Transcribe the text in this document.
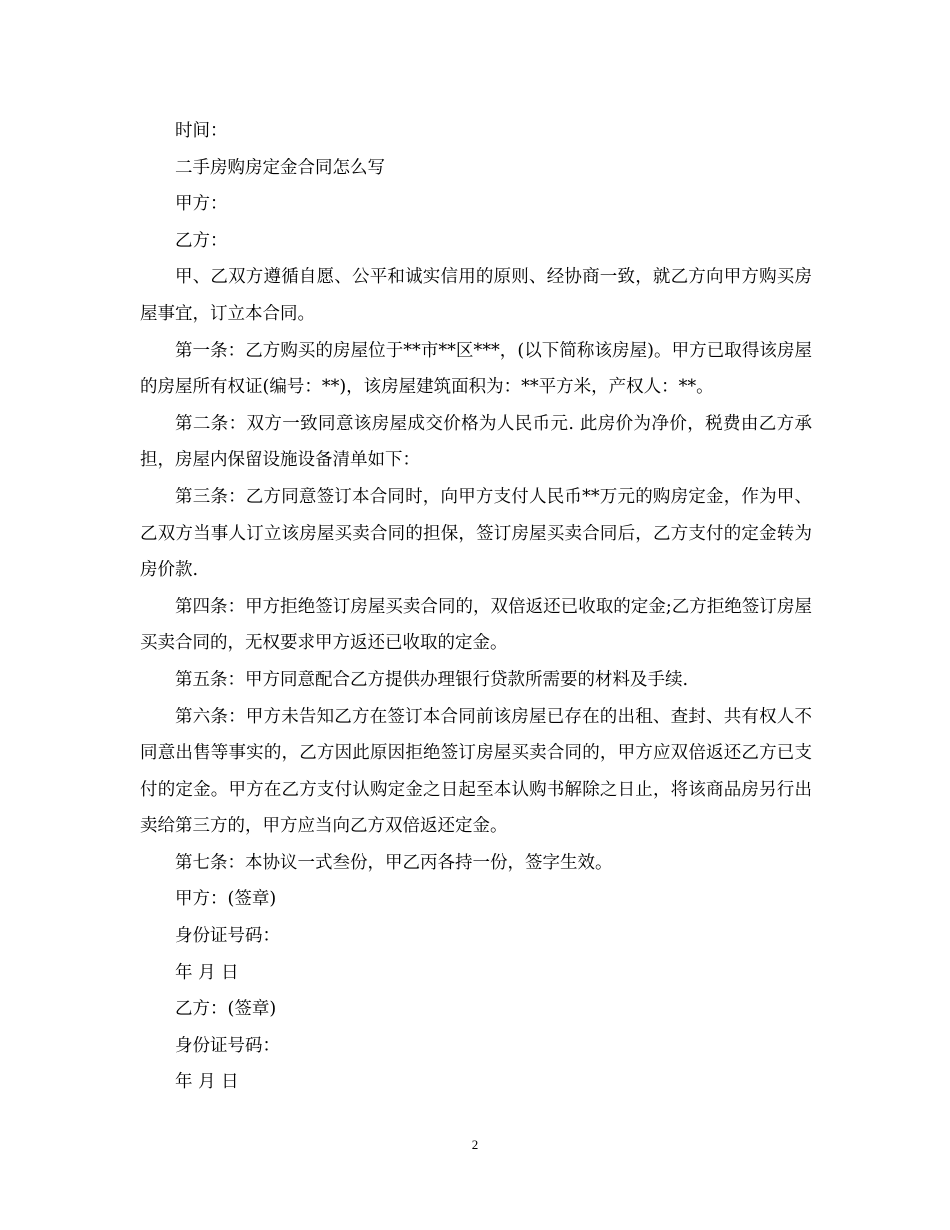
时间：

二手房购房定金合同怎么写

甲方：

乙方：

甲、乙双方遵循自愿、公平和诚实信用的原则、经协商一致，就乙方向甲方购买房屋事宜，订立本合同。

第一条：乙方购买的房屋位于**市**区***，(以下简称该房屋)。甲方已取得该房屋的房屋所有权证(编号：**)，该房屋建筑面积为：**平方米，产权人：**。

第二条：双方一致同意该房屋成交价格为人民币元. 此房价为净价，税费由乙方承担，房屋内保留设施设备清单如下：

第三条：乙方同意签订本合同时，向甲方支付人民币**万元的购房定金，作为甲、乙双方当事人订立该房屋买卖合同的担保，签订房屋买卖合同后，乙方支付的定金转为房价款.

第四条：甲方拒绝签订房屋买卖合同的，双倍返还已收取的定金;乙方拒绝签订房屋买卖合同的，无权要求甲方返还已收取的定金。

第五条：甲方同意配合乙方提供办理银行贷款所需要的材料及手续.

第六条：甲方未告知乙方在签订本合同前该房屋已存在的出租、查封、共有权人不同意出售等事实的，乙方因此原因拒绝签订房屋买卖合同的，甲方应双倍返还乙方已支付的定金。甲方在乙方支付认购定金之日起至本认购书解除之日止，将该商品房另行出卖给第三方的，甲方应当向乙方双倍返还定金。

第七条：本协议一式叁份，甲乙丙各持一份，签字生效。

甲方：(签章)

身份证号码：

年 月 日

乙方：(签章)

身份证号码：

年 月 日

2
